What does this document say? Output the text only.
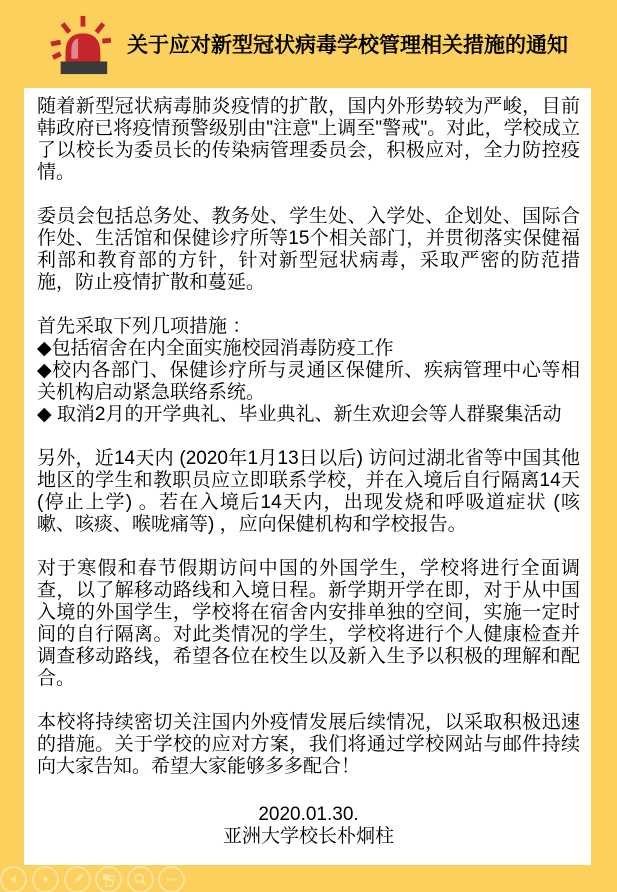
关于应对新型冠状病毒学校管理相关措施的通知

随着新型冠状病毒肺炎疫情的扩散，国内外形势较为严峻，目前韩政府已将疫情预警级别由"注意"上调至"警戒"。对此，学校成立了以校长为委员长的传染病管理委员会，积极应对，全力防控疫情。

委员会包括总务处、教务处、学生处、入学处、企划处、国际合作处、生活馆和保健诊疗所等15个相关部门，并贯彻落实保健福利部和教育部的方针，针对新型冠状病毒，采取严密的防范措施，防止疫情扩散和蔓延。

首先采取下列几项措施 ：
◆包括宿舍在内全面实施校园消毒防疫工作
◆校内各部门、保健诊疗所与灵通区保健所、疾病管理中心等相关机构启动紧急联络系统。
◆ 取消2月的开学典礼、毕业典礼、新生欢迎会等人群聚集活动

另外，近14天内 (2020年1月13日以后) 访问过湖北省等中国其他地区的学生和教职员应立即联系学校，并在入境后自行隔离14天 (停止上学) 。若在入境后14天内，出现发烧和呼吸道症状 (咳嗽、咳痰、喉咙痛等) ，应向保健机构和学校报告。

对于寒假和春节假期访问中国的外国学生，学校将进行全面调查，以了解移动路线和入境日程。新学期开学在即，对于从中国入境的外国学生，学校将在宿舍内安排单独的空间，实施一定时间的自行隔离。对此类情况的学生，学校将进行个人健康检查并调查移动路线，希望各位在校生以及新入生予以积极的理解和配合。

本校将持续密切关注国内外疫情发展后续情况，以采取积极迅速的措施。关于学校的应对方案，我们将通过学校网站与邮件持续向大家告知。希望大家能够多多配合！

2020.01.30.
亚洲大学校长朴炯柱
